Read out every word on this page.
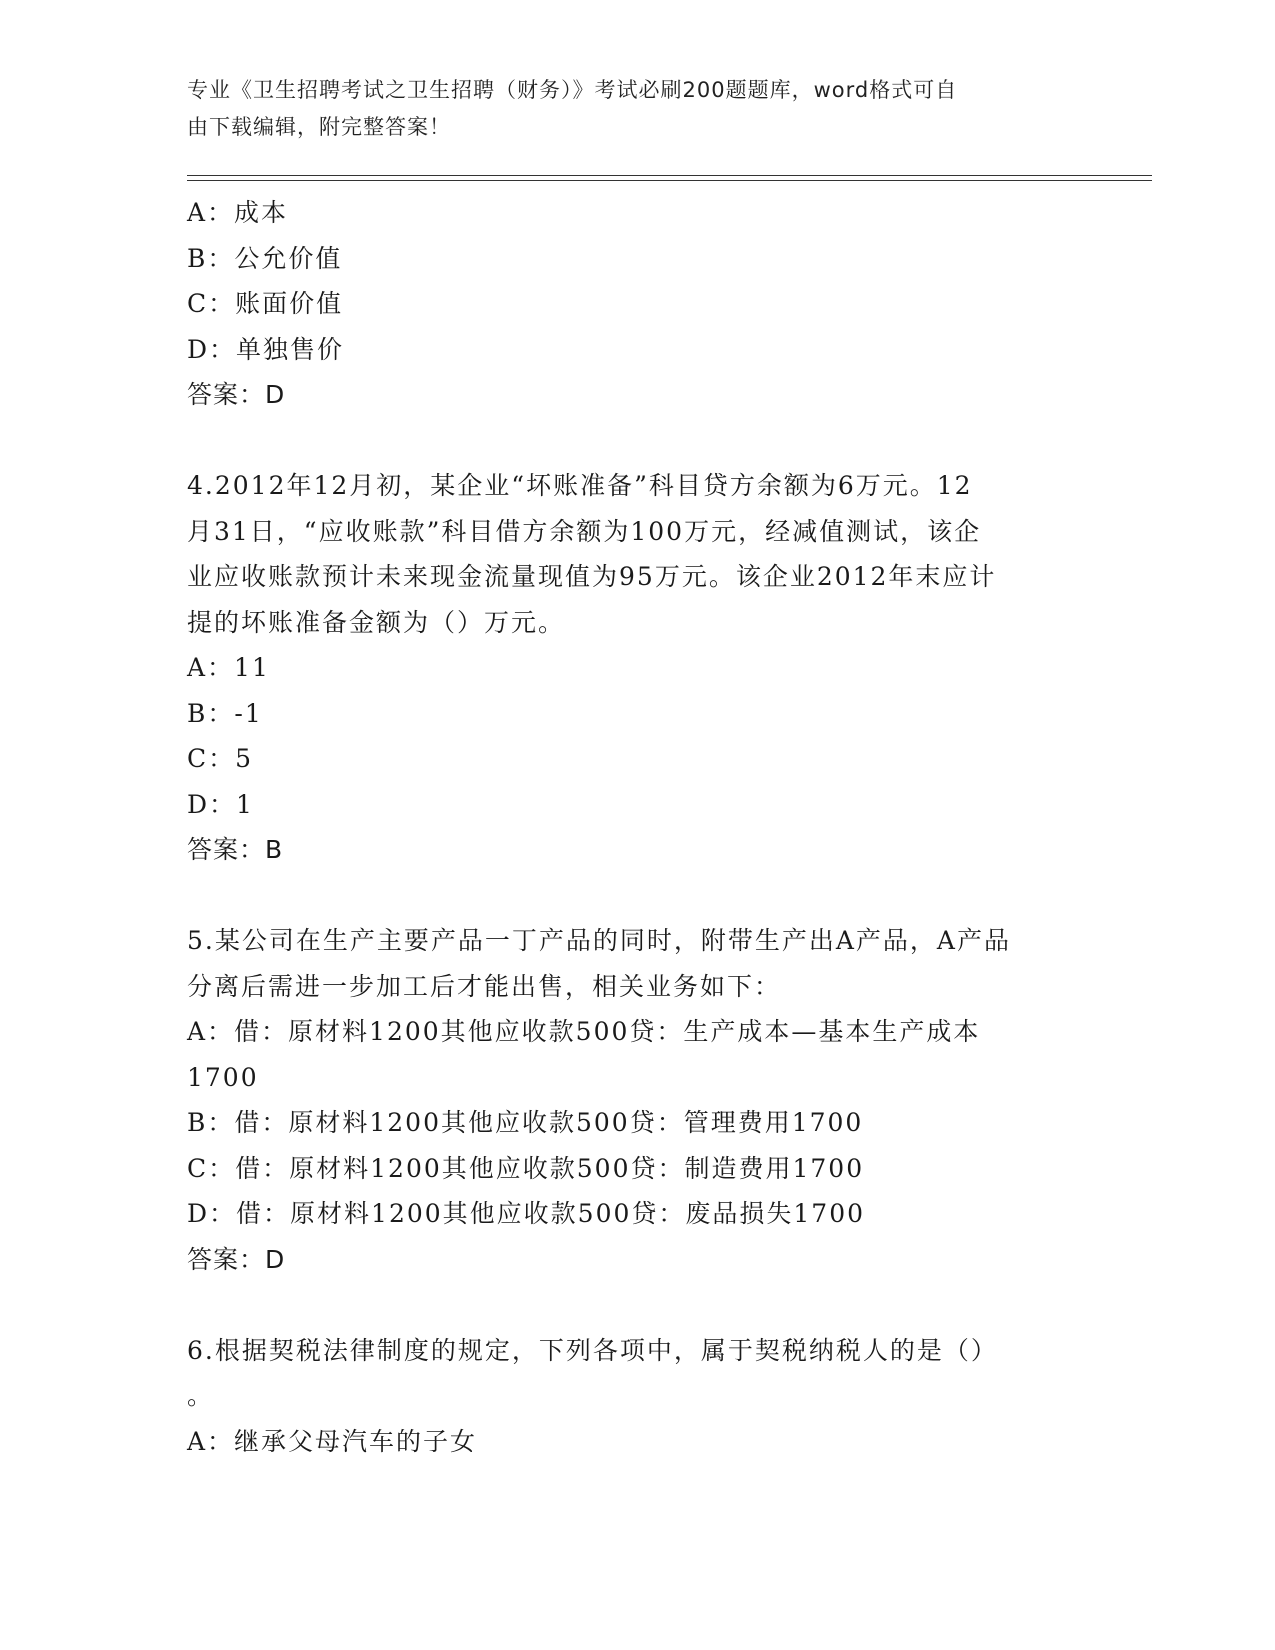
专业《卫生招聘考试之卫生招聘（财务）》考试必刷200题题库，word格式可自
由下载编辑，附完整答案！
A：成本
B：公允价值
C：账面价值
D：单独售价
答案：D
4.2012年12月初，某企业“坏账准备”科目贷方余额为6万元。12
月31日，“应收账款”科目借方余额为100万元，经减值测试，该企
业应收账款预计未来现金流量现值为95万元。该企业2012年末应计
提的坏账准备金额为（）万元。
A：11
B：-1
C：5
D：1
答案：B
5.某公司在生产主要产品一丁产品的同时，附带生产出A产品，A产品
分离后需进一步加工后才能出售，相关业务如下：
A：借：原材料1200其他应收款500贷：生产成本—基本生产成本
1700
B：借：原材料1200其他应收款500贷：管理费用1700
C：借：原材料1200其他应收款500贷：制造费用1700
D：借：原材料1200其他应收款500贷：废品损失1700
答案：D
6.根据契税法律制度的规定，下列各项中，属于契税纳税人的是（）
。
A：继承父母汽车的子女
